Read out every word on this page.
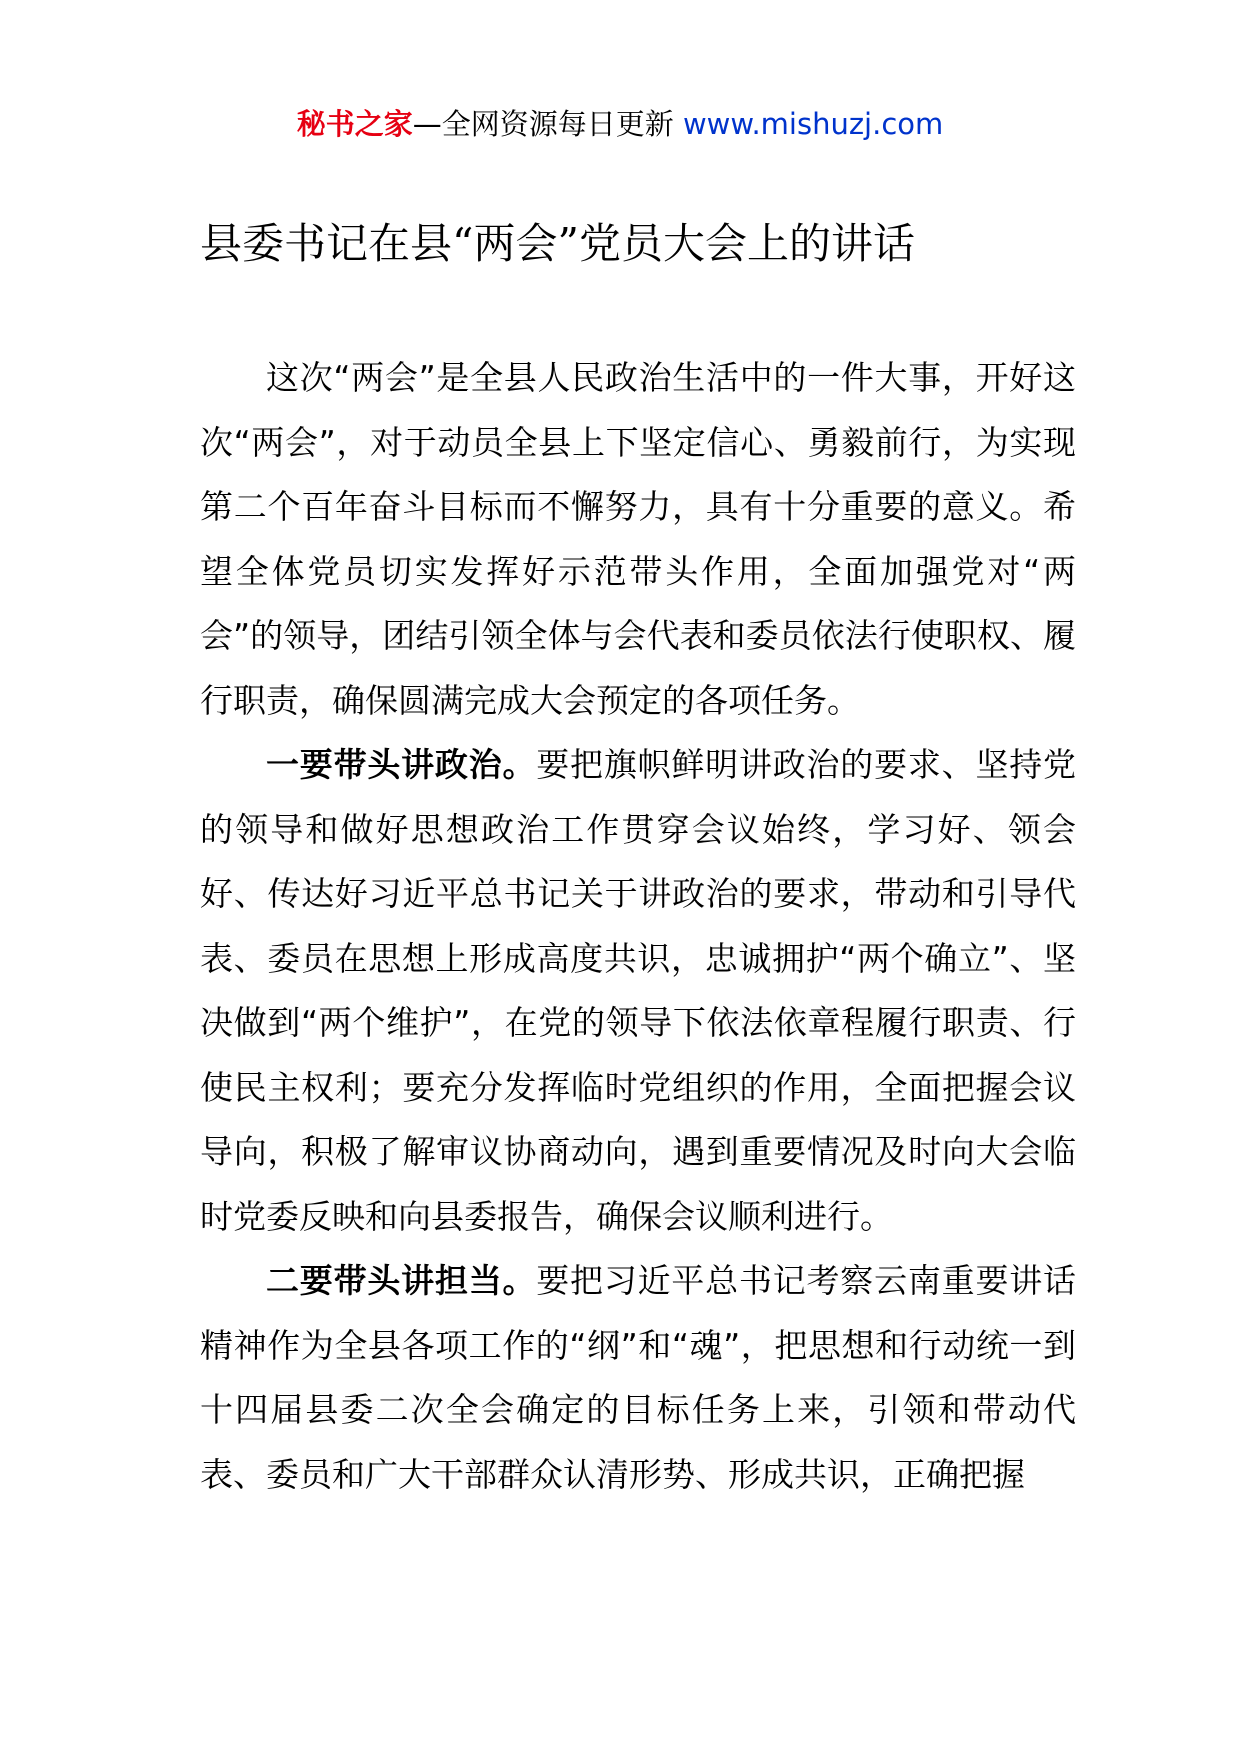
秘书之家—全网资源每日更新 www.mishuzj.com
县委书记在县“两会”党员大会上的讲话

这次“两会”是全县人民政治生活中的一件大事，开好这次“两会”，对于动员全县上下坚定信心、勇毅前行，为实现第二个百年奋斗目标而不懈努力，具有十分重要的意义。希望全体党员切实发挥好示范带头作用，全面加强党对“两会”的领导，团结引领全体与会代表和委员依法行使职权、履行职责，确保圆满完成大会预定的各项任务。

一要带头讲政治。要把旗帜鲜明讲政治的要求、坚持党的领导和做好思想政治工作贯穿会议始终，学习好、领会好、传达好习近平总书记关于讲政治的要求，带动和引导代表、委员在思想上形成高度共识，忠诚拥护“两个确立”、坚决做到“两个维护”，在党的领导下依法依章程履行职责、行使民主权利；要充分发挥临时党组织的作用，全面把握会议导向，积极了解审议协商动向，遇到重要情况及时向大会临时党委反映和向县委报告，确保会议顺利进行。

二要带头讲担当。要把习近平总书记考察云南重要讲话精神作为全县各项工作的“纲”和“魂”，把思想和行动统一到十四届县委二次全会确定的目标任务上来，引领和带动代表、委员和广大干部群众认清形势、形成共识，正确把握
